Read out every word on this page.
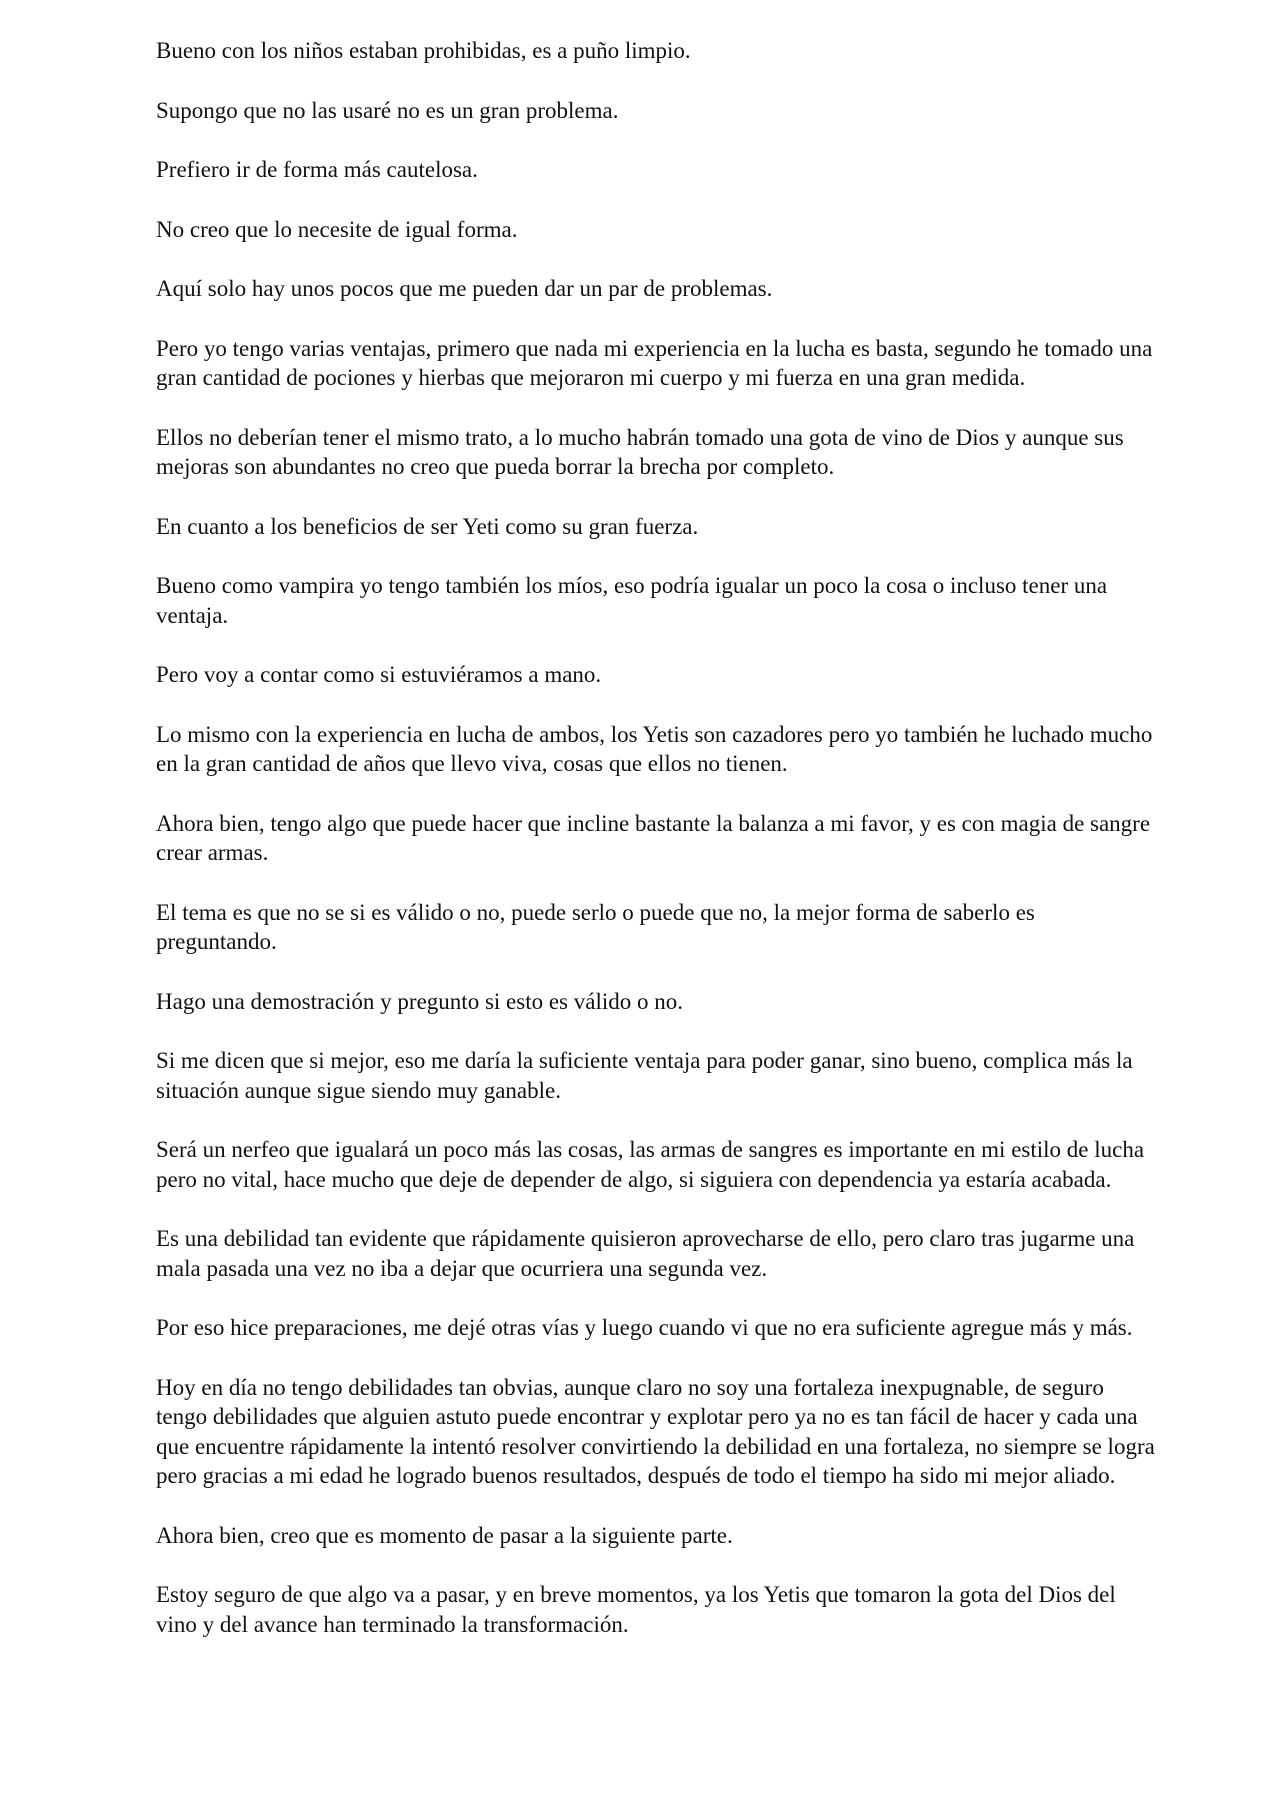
Bueno con los niños estaban prohibidas, es a puño limpio.

Supongo que no las usaré no es un gran problema.

Prefiero ir de forma más cautelosa.

No creo que lo necesite de igual forma.

Aquí solo hay unos pocos que me pueden dar un par de problemas.

Pero yo tengo varias ventajas, primero que nada mi experiencia en la lucha es basta, segundo he tomado una gran cantidad de pociones y hierbas que mejoraron mi cuerpo y mi fuerza en una gran medida.

Ellos no deberían tener el mismo trato, a lo mucho habrán tomado una gota de vino de Dios y aunque sus mejoras son abundantes no creo que pueda borrar la brecha por completo.

En cuanto a los beneficios de ser Yeti como su gran fuerza.

Bueno como vampira yo tengo también los míos, eso podría igualar un poco la cosa o incluso tener una ventaja.

Pero voy a contar como si estuviéramos a mano.

Lo mismo con la experiencia en lucha de ambos, los Yetis son cazadores pero yo también he luchado mucho en la gran cantidad de años que llevo viva, cosas que ellos no tienen.

Ahora bien, tengo algo que puede hacer que incline bastante la balanza a mi favor, y es con magia de sangre crear armas.

El tema es que no se si es válido o no, puede serlo o puede que no, la mejor forma de saberlo es preguntando.

Hago una demostración y pregunto si esto es válido o no.

Si me dicen que si mejor, eso me daría la suficiente ventaja para poder ganar, sino bueno, complica más la situación aunque sigue siendo muy ganable.

Será un nerfeo que igualará un poco más las cosas, las armas de sangres es importante en mi estilo de lucha pero no vital, hace mucho que deje de depender de algo, si siguiera con dependencia ya estaría acabada.

Es una debilidad tan evidente que rápidamente quisieron aprovecharse de ello, pero claro tras jugarme una mala pasada una vez no iba a dejar que ocurriera una segunda vez.

Por eso hice preparaciones, me dejé otras vías y luego cuando vi que no era suficiente agregue más y más.

Hoy en día no tengo debilidades tan obvias, aunque claro no soy una fortaleza inexpugnable, de seguro tengo debilidades que alguien astuto puede encontrar y explotar pero ya no es tan fácil de hacer y cada una que encuentre rápidamente la intentó resolver convirtiendo la debilidad en una fortaleza, no siempre se logra pero gracias a mi edad he logrado buenos resultados, después de todo el tiempo ha sido mi mejor aliado.

Ahora bien, creo que es momento de pasar a la siguiente parte.

Estoy seguro de que algo va a pasar, y en breve momentos, ya los Yetis que tomaron la gota del Dios del vino y del avance han terminado la transformación.
